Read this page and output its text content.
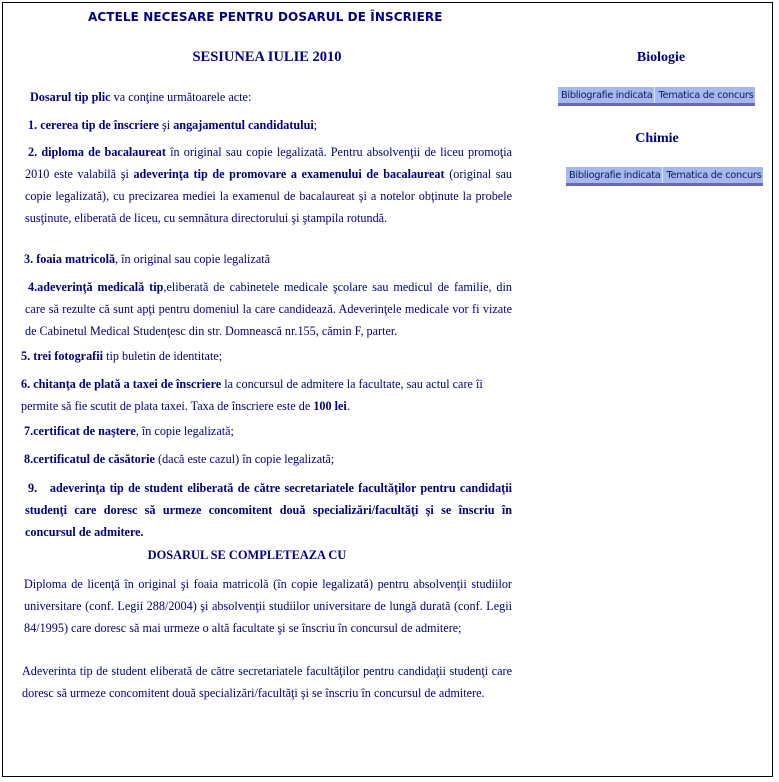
ACTELE NECESARE PENTRU DOSARUL DE ÎNSCRIERE
SESIUNEA IULIE 2010
Dosarul tip plic va conţine următoarele acte:
1. cererea tip de înscriere şi angajamentul candidatului;
2. diploma de bacalaureat în original sau copie legalizată. Pentru absolvenţii de liceu promoţia 2010 este valabilă şi adeverinţa tip de promovare a examenului de bacalaureat (original sau copie legalizată), cu precizarea mediei la examenul de bacalaureat şi a notelor obţinute la probele susţinute, eliberată de liceu, cu semnătura directorului şi ştampila rotundă.
3. foaia matricolă, în original sau copie legalizată
4.adeverinţă medicală tip,eliberată de cabinetele medicale şcolare sau medicul de familie, din care să rezulte că sunt apţi pentru domeniul la care candidează. Adeverinţele medicale vor fi vizate de Cabinetul Medical Studenţesc din str. Domnească nr.155, cămin F, parter.
5. trei fotografii tip buletin de identitate;
6. chitanţa de plată a taxei de înscriere la concursul de admitere la facultate, sau actul care îi permite să fie scutit de plata taxei. Taxa de înscriere este de 100 lei.
7.certificat de naştere, în copie legalizată;
8.certificatul de căsătorie (dacă este cazul) în copie legalizată;
9.   adeverinţa tip de student eliberată de către secretariatele facultăţilor pentru candidaţii studenţi care doresc să urmeze concomitent două specializări/facultăţi şi se înscriu în concursul de admitere.
DOSARUL SE COMPLETEAZA CU
Diploma de licenţă în original şi foaia matricolă (în copie legalizată) pentru absolvenţii studiilor universitare (conf. Legii 288/2004) şi absolvenţii studiilor universitare de lungă durată (conf. Legii 84/1995) care doresc să mai urmeze o altă facultate şi se înscriu în concursul de admitere;
Adeverinta tip de student eliberată de către secretariatele facultăţilor pentru candidaţii studenţi care doresc să urmeze concomitent două specializări/facultăţi şi se înscriu în concursul de admitere.
Biologie
Bibliografie indicata Tematica de concurs
Chimie
Bibliografie indicata Tematica de concurs
